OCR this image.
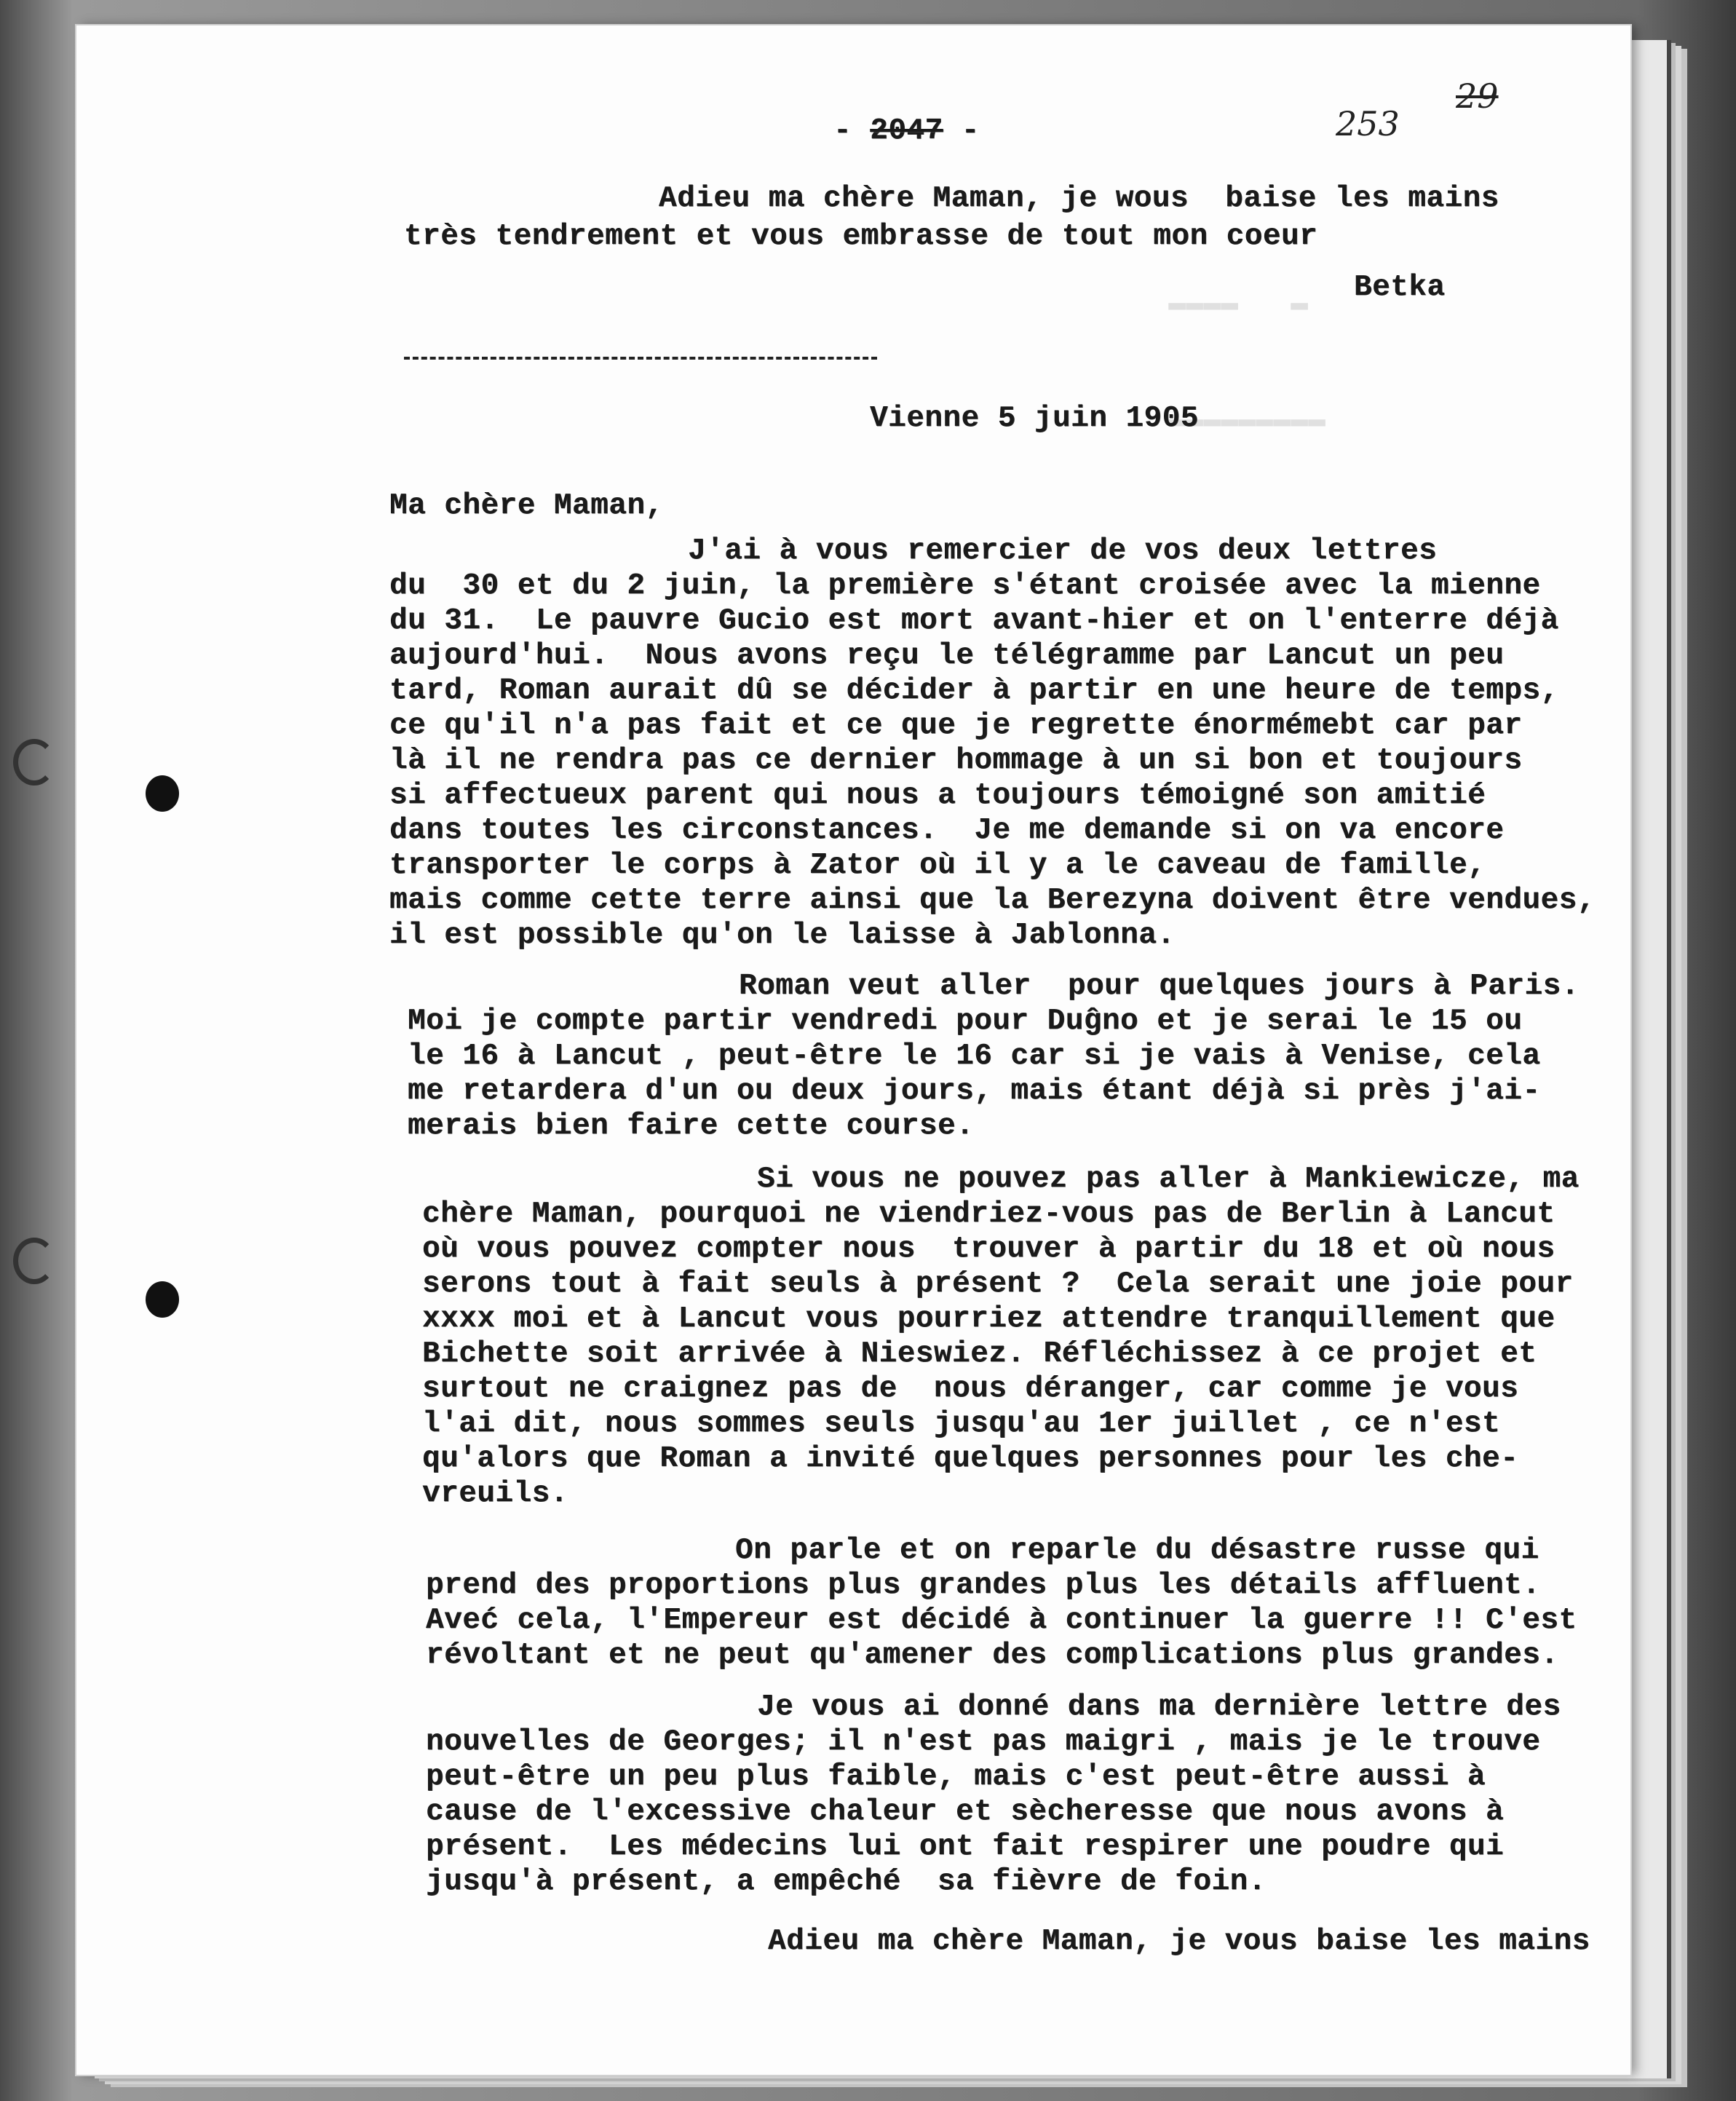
▬▬▬▬   ▬
▬▬▬▬▬▬▬▬▬
- 2047 -	253
29
Adieu ma chère Maman, je wous  baise les mains
très tendrement et vous embrasse de tout mon coeur
Betka
Vienne 5 juin 1905
Ma chère Maman,
J'ai à vous remercier de vos deux lettres
du  30 et du 2 juin, la première s'étant croisée avec la mienne
du 31.  Le pauvre Gucio est mort avant-hier et on l'enterre déjà
aujourd'hui.  Nous avons reçu le télégramme par Lancut un peu
tard, Roman aurait dû se décider à partir en une heure de temps,
ce qu'il n'a pas fait et ce que je regrette énormémebt car par
là il ne rendra pas ce dernier hommage à un si bon et toujours
si affectueux parent qui nous a toujours témoigné son amitié
dans toutes les circonstances.  Je me demande si on va encore
transporter le corps à Zator où il y a le caveau de famille,
mais comme cette terre ainsi que la Berezyna doivent être vendues,
il est possible qu'on le laisse à Jablonna.
Roman veut aller  pour quelques jours à Paris.
Moi je compte partir vendredi pour Duĝno et je serai le 15 ou
le 16 à Lancut , peut-être le 16 car si je vais à Venise, cela
me retardera d'un ou deux jours, mais étant déjà si près j'ai-
merais bien faire cette course.
Si vous ne pouvez pas aller à Mankiewicze, ma
chère Maman, pourquoi ne viendriez-vous pas de Berlin à Lancut
où vous pouvez compter nous  trouver à partir du 18 et où nous
serons tout à fait seuls à présent ?  Cela serait une joie pour
xxxx moi et à Lancut vous pourriez attendre tranquillement que
Bichette soit arrivée à Nieswiez. Réfléchissez à ce projet et
surtout ne craignez pas de  nous déranger, car comme je vous
l'ai dit, nous sommes seuls jusqu'au 1er juillet , ce n'est
qu'alors que Roman a invité quelques personnes pour les che-
vreuils.
On parle et on reparle du désastre russe qui
prend des proportions plus grandes plus les détails affluent.
Aveć cela, l'Empereur est décidé à continuer la guerre !! C'est
révoltant et ne peut qu'amener des complications plus grandes.
Je vous ai donné dans ma dernière lettre des
nouvelles de Georges; il n'est pas maigri , mais je le trouve
peut-être un peu plus faible, mais c'est peut-être aussi à
cause de l'excessive chaleur et sècheresse que nous avons à
présent.  Les médecins lui ont fait respirer une poudre qui
jusqu'à présent, a empêché  sa fièvre de foin.
Adieu ma chère Maman, je vous baise les mains
